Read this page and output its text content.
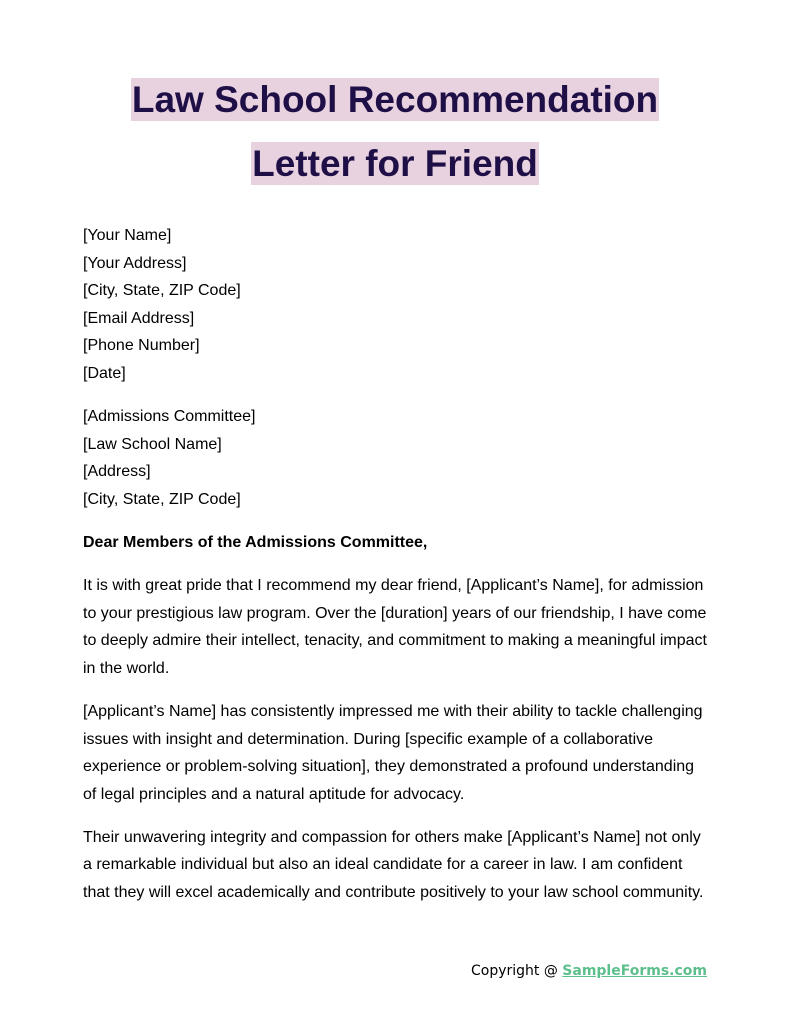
Law School Recommendation
Letter for Friend
[Your Name]
[Your Address]
[City, State, ZIP Code]
[Email Address]
[Phone Number]
[Date]
[Admissions Committee]
[Law School Name]
[Address]
[City, State, ZIP Code]
Dear Members of the Admissions Committee,

It is with great pride that I recommend my dear friend, [Applicant’s Name], for admission to your prestigious law program. Over the [duration] years of our friendship, I have come to deeply admire their intellect, tenacity, and commitment to making a meaningful impact in the world.

[Applicant’s Name] has consistently impressed me with their ability to tackle challenging issues with insight and determination. During [specific example of a collaborative experience or problem-solving situation], they demonstrated a profound understanding of legal principles and a natural aptitude for advocacy.

Their unwavering integrity and compassion for others make [Applicant’s Name] not only a remarkable individual but also an ideal candidate for a career in law. I am confident that they will excel academically and contribute positively to your law school community.

Copyright @ SampleForms.com
